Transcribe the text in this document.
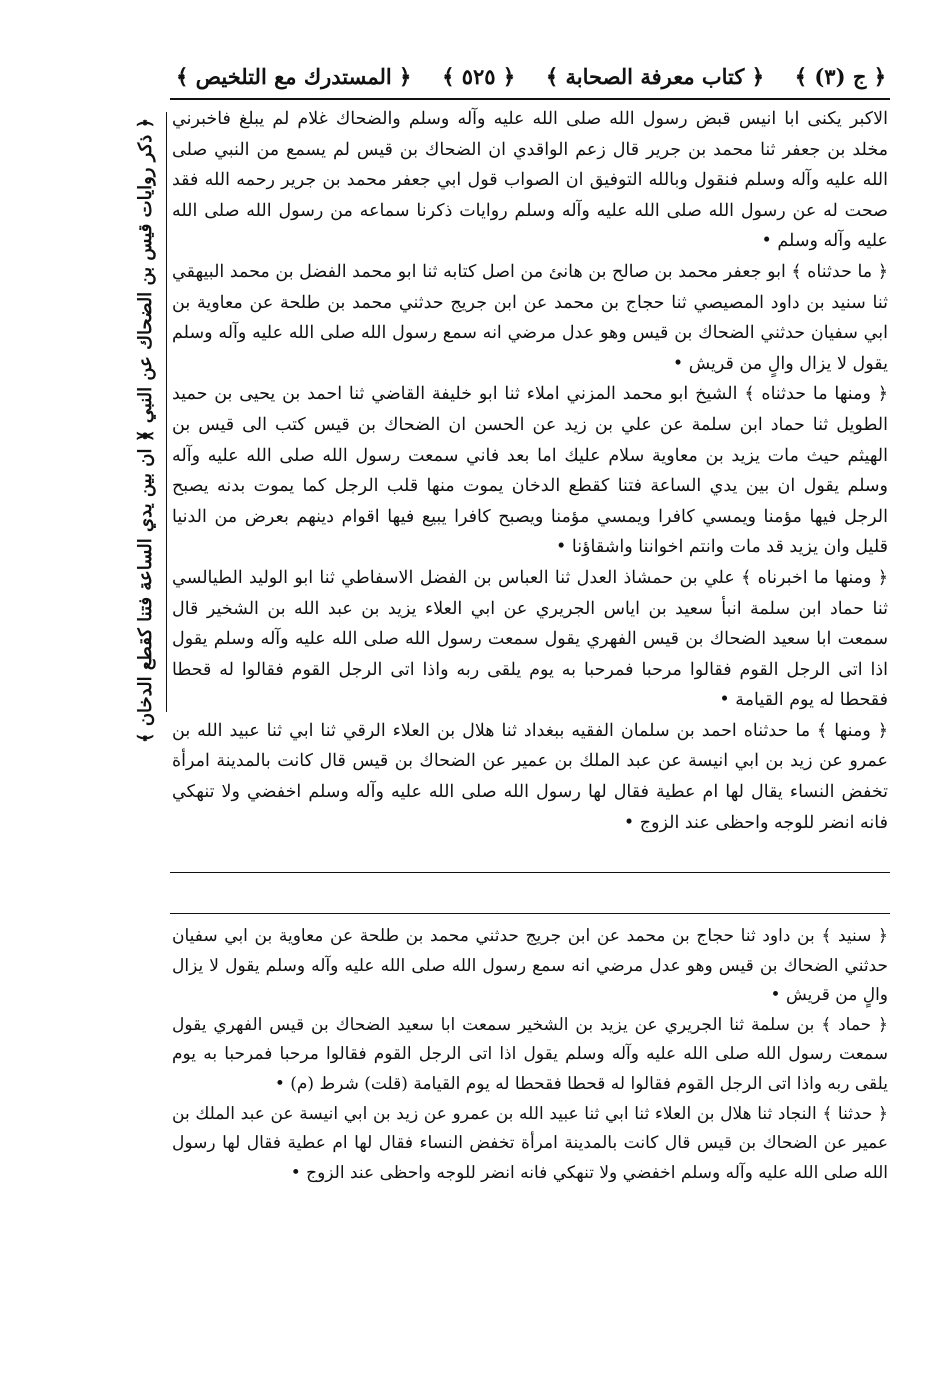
﴿ المستدرك مع التلخيص ﴾ ﴿ ٥٢٥ ﴾ ﴿ كتاب معرفة الصحابة ﴾ ﴿ ج (٣) ﴾

الاكبر يكنى ابا انيس قبض رسول الله صلى الله عليه وآله وسلم والضحاك غلام لم يبلغ فاخبرني مخلد بن جعفر ثنا محمد بن جرير قال زعم الواقدي ان الضحاك بن قيس لم يسمع من النبي صلى الله عليه وآله وسلم فنقول وبالله التوفيق ان الصواب قول ابي جعفر محمد بن جرير رحمه الله فقد صحت له عن رسول الله صلى الله عليه وآله وسلم روايات ذكرنا سماعه من رسول الله صلى الله عليه وآله وسلم •

﴿ ما حدثناه ﴾ ابو جعفر محمد بن صالح بن هانئ من اصل كتابه ثنا ابو محمد الفضل بن محمد البيهقي ثنا سنيد بن داود المصيصي ثنا حجاج بن محمد عن ابن جريج حدثني محمد بن طلحة عن معاوية بن ابي سفيان حدثني الضحاك بن قيس وهو عدل مرضي انه سمع رسول الله صلى الله عليه وآله وسلم يقول لا يزال والٍ من قريش •

﴿ ومنها ما حدثناه ﴾ الشيخ ابو محمد المزني املاء ثنا ابو خليفة القاضي ثنا احمد بن يحيى بن حميد الطويل ثنا حماد ابن سلمة عن علي بن زيد عن الحسن ان الضحاك بن قيس كتب الى قيس بن الهيثم حيث مات يزيد بن معاوية سلام عليك اما بعد فاني سمعت رسول الله صلى الله عليه وآله وسلم يقول ان بين يدي الساعة فتنا كقطع الدخان يموت منها قلب الرجل كما يموت بدنه يصبح الرجل فيها مؤمنا ويمسي كافرا ويمسي مؤمنا ويصبح كافرا يبيع فيها اقوام دينهم بعرض من الدنيا قليل وان يزيد قد مات وانتم اخواننا واشقاؤنا •

﴿ ومنها ما اخبرناه ﴾ علي بن حمشاذ العدل ثنا العباس بن الفضل الاسفاطي ثنا ابو الوليد الطيالسي ثنا حماد ابن سلمة انبأ سعيد بن اياس الجريري عن ابي العلاء يزيد بن عبد الله بن الشخير قال سمعت ابا سعيد الضحاك بن قيس الفهري يقول سمعت رسول الله صلى الله عليه وآله وسلم يقول اذا اتى الرجل القوم فقالوا مرحبا فمرحبا به يوم يلقى ربه واذا اتى الرجل القوم فقالوا له قحطا فقحطا له يوم القيامة •

﴿ ومنها ﴾ ما حدثناه احمد بن سلمان الفقيه ببغداد ثنا هلال بن العلاء الرقي ثنا ابي ثنا عبيد الله بن عمرو عن زيد بن ابي انيسة عن عبد الملك بن عمير عن الضحاك بن قيس قال كانت بالمدينة امرأة تخفض النساء يقال لها ام عطية فقال لها رسول الله صلى الله عليه وآله وسلم اخفضي ولا تنهكي فانه انضر للوجه واحظى عند الزوج •

﴿ سنيد ﴾ بن داود ثنا حجاج بن محمد عن ابن جريج حدثني محمد بن طلحة عن معاوية بن ابي سفيان حدثني الضحاك بن قيس وهو عدل مرضي انه سمع رسول الله صلى الله عليه وآله وسلم يقول لا يزال والٍ من قريش •

﴿ حماد ﴾ بن سلمة ثنا الجريري عن يزيد بن الشخير سمعت ابا سعيد الضحاك بن قيس الفهري يقول سمعت رسول الله صلى الله عليه وآله وسلم يقول اذا اتى الرجل القوم فقالوا مرحبا فمرحبا به يوم يلقى ربه واذا اتى الرجل القوم فقالوا له قحطا فقحطا له يوم القيامة (قلت) شرط (م) •

﴿ حدثنا ﴾ النجاد ثنا هلال بن العلاء ثنا ابي ثنا عبيد الله بن عمرو عن زيد بن ابي انيسة عن عبد الملك بن عمير عن الضحاك بن قيس قال كانت بالمدينة امرأة تخفض النساء فقال لها ام عطية فقال لها رسول الله صلى الله عليه وآله وسلم اخفضي ولا تنهكي فانه انضر للوجه واحظى عند الزوج •

﴿ ذكر روايات قيس بن الضحاك عن النبي ﴾
﴿ ان بين يدي الساعة فتنا كقطع الدخان ﴾
